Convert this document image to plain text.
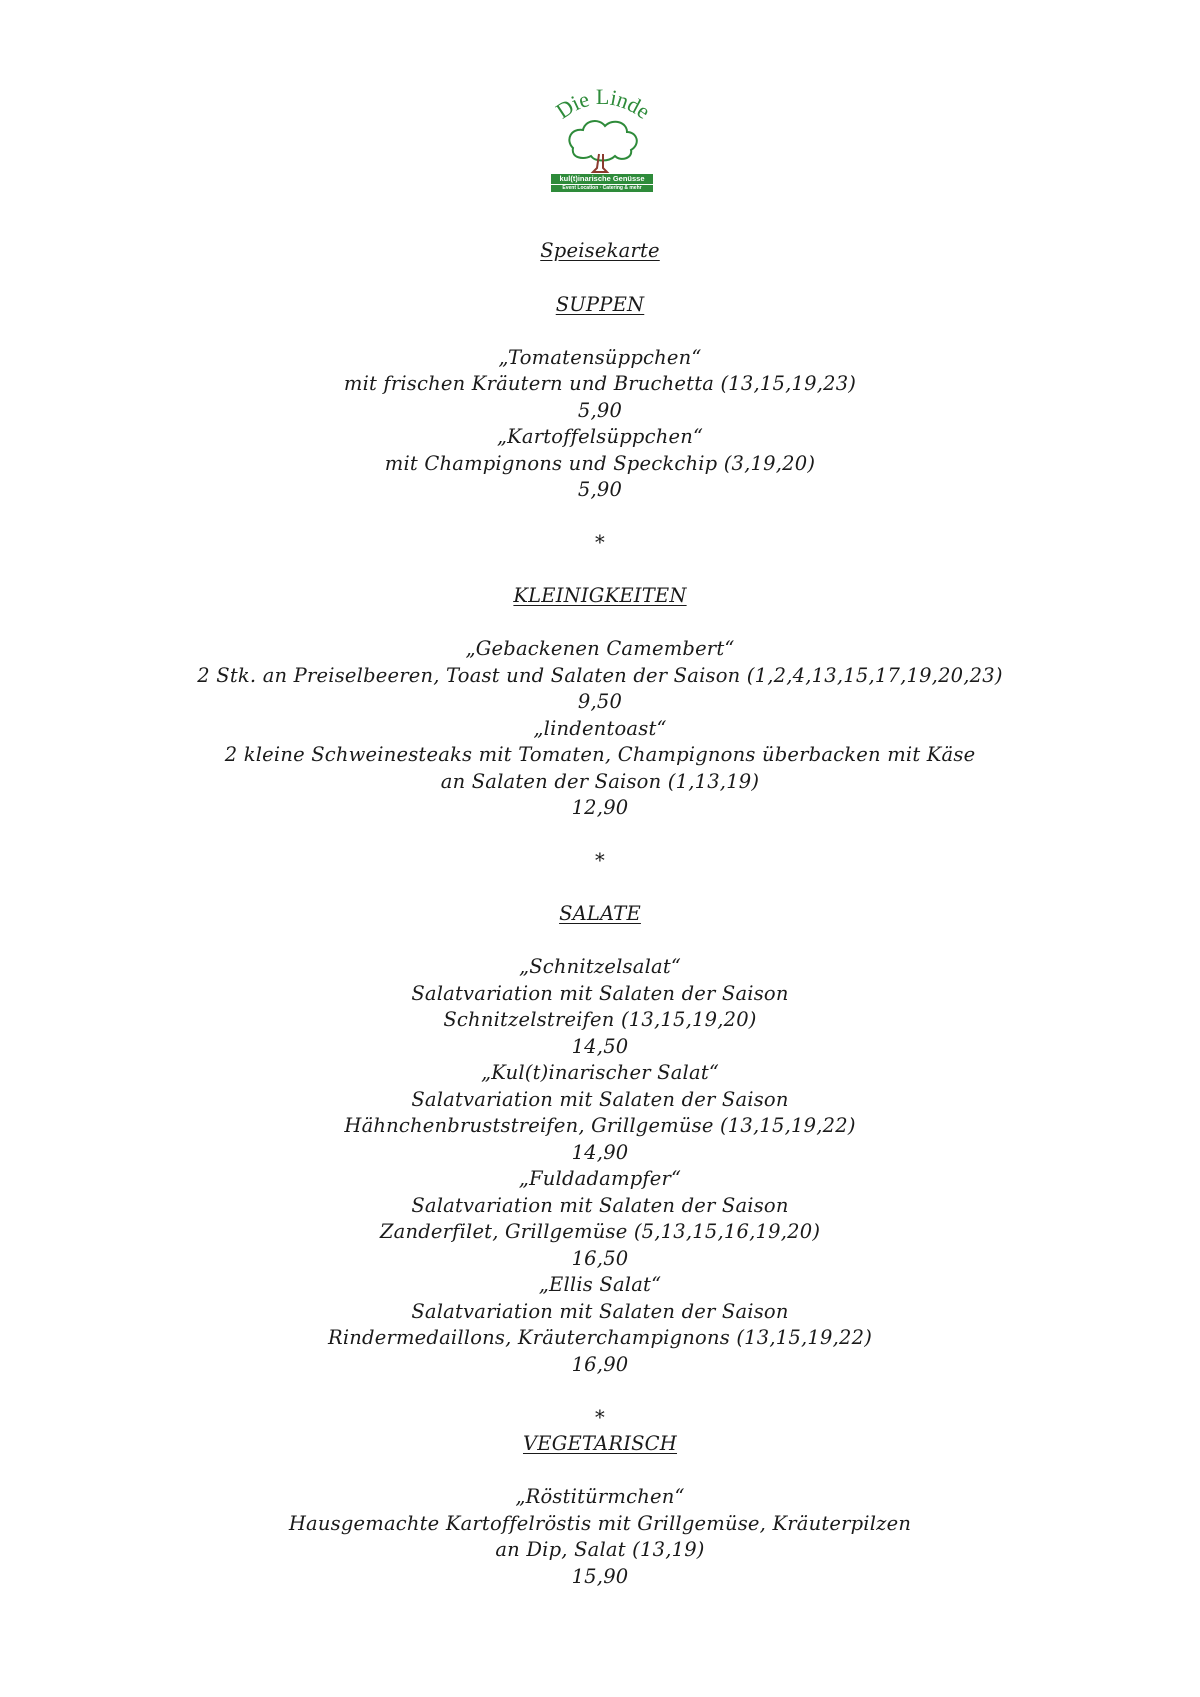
Die Linde
kul(t)inarische Genüsse
Event Location · Catering & mehr
Speisekarte
SUPPEN
„Tomatensüppchen“
mit frischen Kräutern und Bruchetta (13,15,19,23)
5,90
„Kartoffelsüppchen“
mit Champignons und Speckchip (3,19,20)
5,90
*
KLEINIGKEITEN
„Gebackenen Camembert“
2 Stk. an Preiselbeeren, Toast und Salaten der Saison (1,2,4,13,15,17,19,20,23)
9,50
„lindentoast“
2 kleine Schweinesteaks mit Tomaten, Champignons überbacken mit Käse
an Salaten der Saison (1,13,19)
12,90
*
SALATE
„Schnitzelsalat“
Salatvariation mit Salaten der Saison
Schnitzelstreifen (13,15,19,20)
14,50
„Kul(t)inarischer Salat“
Salatvariation mit Salaten der Saison
Hähnchenbruststreifen, Grillgemüse (13,15,19,22)
14,90
„Fuldadampfer“
Salatvariation mit Salaten der Saison
Zanderfilet, Grillgemüse (5,13,15,16,19,20)
16,50
„Ellis Salat“
Salatvariation mit Salaten der Saison
Rindermedaillons, Kräuterchampignons (13,15,19,22)
16,90
*
VEGETARISCH
„Röstitürmchen“
Hausgemachte Kartoffelröstis mit Grillgemüse, Kräuterpilzen
an Dip, Salat (13,19)
15,90
